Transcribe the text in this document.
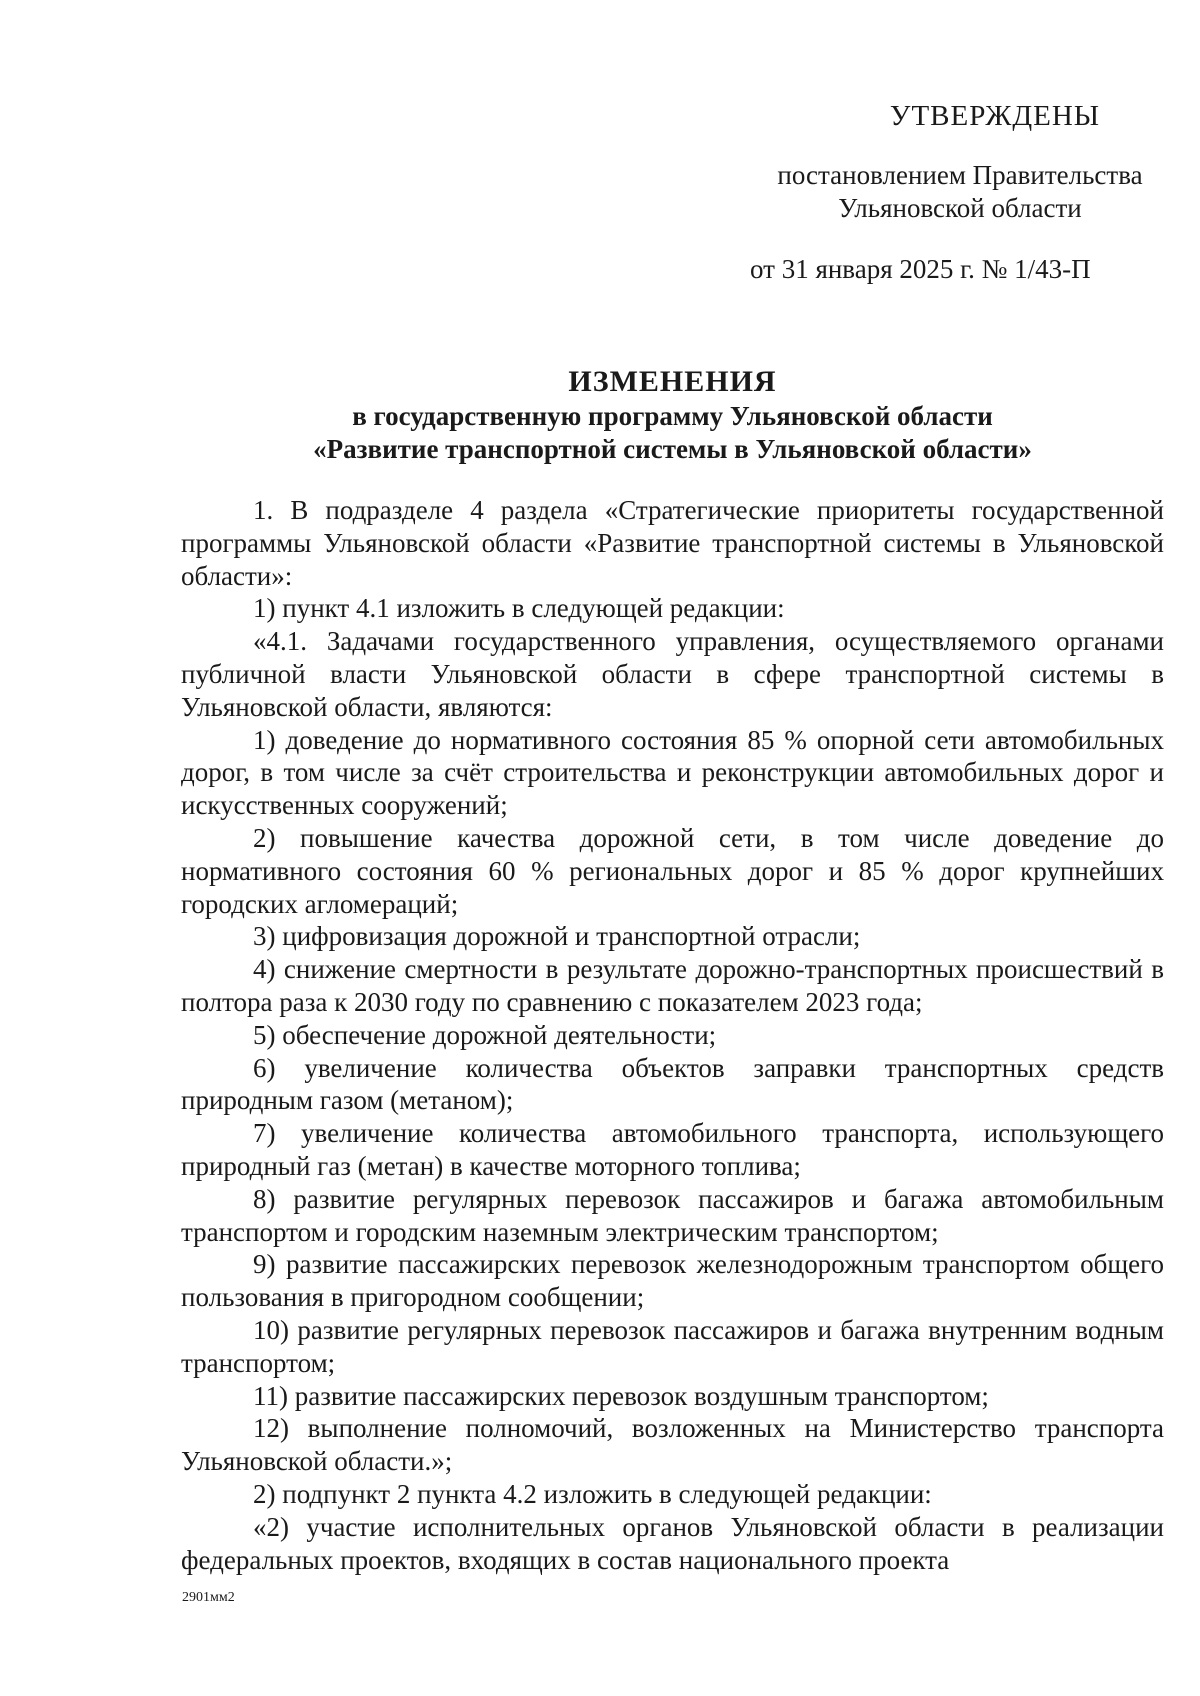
УТВЕРЖДЕНЫ
постановлением Правительства
Ульяновской области
от 31 января 2025 г. № 1/43-П
ИЗМЕНЕНИЯ
в государственную программу Ульяновской области
«Развитие транспортной системы в Ульяновской области»

1. В подразделе 4 раздела «Стратегические приоритеты государственной программы Ульяновской области «Развитие транспортной системы в Ульяновской области»:

1) пункт 4.1 изложить в следующей редакции:

«4.1. Задачами государственного управления, осуществляемого органами публичной власти Ульяновской области в сфере транспортной системы в Ульяновской области, являются:

1) доведение до нормативного состояния 85 % опорной сети автомобильных дорог, в том числе за счёт строительства и реконструкции автомобильных дорог и искусственных сооружений;

2) повышение качества дорожной сети, в том числе доведение до нормативного состояния 60 % региональных дорог и 85 % дорог крупнейших городских агломераций;

3) цифровизация дорожной и транспортной отрасли;

4) снижение смертности в результате дорожно-транспортных происшествий в полтора раза к 2030 году по сравнению с показателем 2023 года;

5) обеспечение дорожной деятельности;

6) увеличение количества объектов заправки транспортных средств природным газом (метаном);

7) увеличение количества автомобильного транспорта, использующего природный газ (метан) в качестве моторного топлива;

8) развитие регулярных перевозок пассажиров и багажа автомобильным транспортом и городским наземным электрическим транспортом;

9) развитие пассажирских перевозок железнодорожным транспортом общего пользования в пригородном сообщении;

10) развитие регулярных перевозок пассажиров и багажа внутренним водным транспортом;

11) развитие пассажирских перевозок воздушным транспортом;

12) выполнение полномочий, возложенных на Министерство транспорта Ульяновской области.»;

2) подпункт 2 пункта 4.2 изложить в следующей редакции:

«2) участие исполнительных органов Ульяновской области в реализации федеральных проектов, входящих в состав национального проекта

2901мм2
